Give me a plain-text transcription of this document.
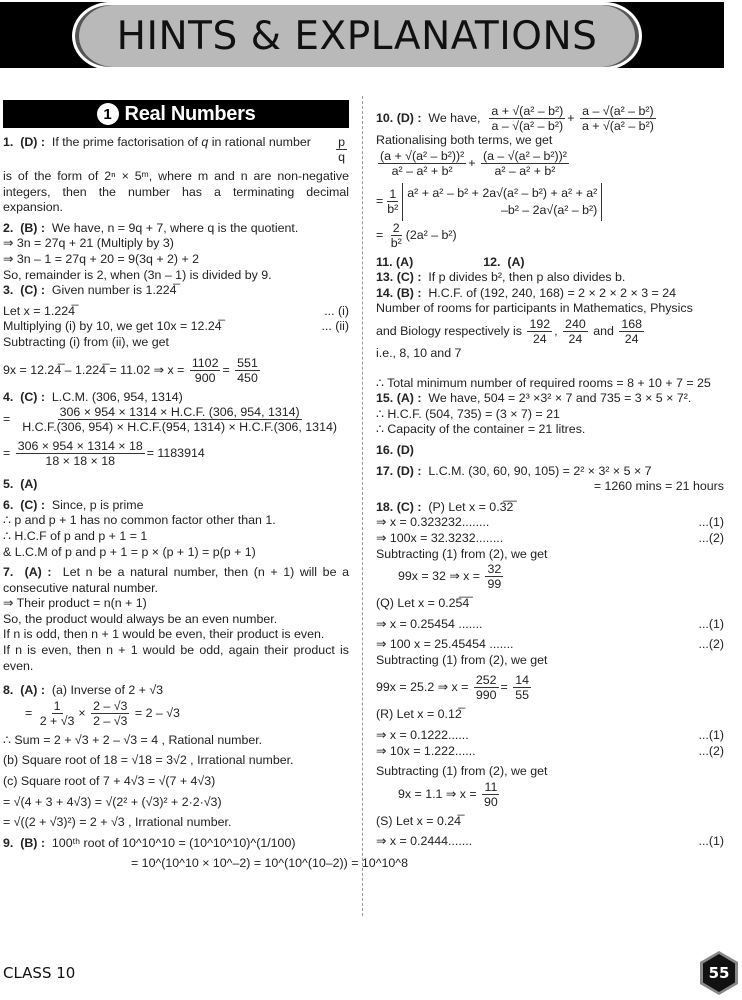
HINTS & EXPLANATIONS
1 Real Numbers
1. (D) :  If the prime factorisation of q in rational number $\frac{p}{q}$
is of the form of 2ⁿ × 5ᵐ, where m and n are non-negative integers, then the number has a terminating decimal expansion.
2. (B) : We have, n = 9q + 7, where q is the quotient.
⇒ 3n = 27q + 21 (Multiply by 3)
⇒ 3n – 1 = 27q + 20 = 9(3q + 2) + 2
So, remainder is 2, when (3n – 1) is divided by 9.
3. (C) : Given number is 1.224̅
Let x = 1.224̅	... (i)
Multiplying (i) by 10, we get 10x = 12.24̅	... (ii)
Subtracting (i) from (ii), we get
9x = 12.24̅ – 1.224̅ = 11.02 ⇒ $x = \frac{1102}{900} = \frac{551}{450}$
4. (C) : L.C.M. (306, 954, 1314)
= $\frac{306 \times 954 \times 1314 \times H.C.F. (306, 954, 1314)}{H.C.F.(306, 954) \times H.C.F.(954, 1314) \times H.C.F.(306, 1314)}$
= $\frac{306 \times 954 \times 1314 \times 18}{18 \times 18 \times 18} = 1183914$
5. (A)
6. (C) : Since, p is prime
∴ p and p + 1 has no common factor other than 1.
∴ H.C.F of p and p + 1 = 1
& L.C.M of p and p + 1 = p × (p + 1) = p(p + 1)
7. (A) : Let n be a natural number, then (n + 1) will be a consecutive natural number.
⇒ Their product = n(n + 1)
So, the product would always be an even number.
If n is odd, then n + 1 would be even, their product is even.
If n is even, then n + 1 would be odd, again their product is even.
8. (A) : (a) Inverse of 2 + √3
= $\frac{1}{2 + √3} \times \frac{2 - √3}{2 - √3} = 2 - √3$
∴ Sum = 2 + √3 + 2 – √3 = 4 , Rational number.
(b) Square root of 18 = √18 = 3√2 , Irrational number.
(c) Square root of 7 + 4√3 = √(7 + 4√3)
= √(4 + 3 + 4√3) = √(2² + (√3)² + 2·2·√3)
= √((2 + √3)²) = 2 + √3 , Irrational number.
9. (B) : 100ᵗʰ root of 10^10^10 = (10^10^10)^(1/100)
= 10^(10^10 × 10^–2) = 10^(10^(10–2)) = 10^10^8
10. (D) : We have, $\frac{\text{a + √(a² – b²)}}{\text{a – √(a² – b²)}} + \frac{\text{a – √(a² – b²)}}{\text{a + √(a² – b²)}}$
Rationalising both terms, we get
$\frac{\text{(a + √(a² – b²))²}}{\text{a² – a² + b²}} + \frac{\text{(a – √(a² – b²))²}}{\text{a² – a² + b²}}$
= $\frac{1}{\text{b²}} a^2 + a^2 - b^2 + 2a√(a^2 - b^2) + a^2 + a^2$
–b² – 2a√(a² – b²)
= $\frac{2}{\text{b²}} (2a^2 - b^2)$
11. (A)	12. (A)
13. (C) : If p divides b², then p also divides b.
14. (B) : H.C.F. of (192, 240, 168) = 2 × 2 × 2 × 3 = 24
Number of rooms for participants in Mathematics, Physics
and Biology respectively is $\frac{192}{24}$ , $\frac{240}{24}$ and $\frac{168}{24}$
i.e., 8, 10 and 7
∴ Total minimum number of required rooms = 8 + 10 + 7 = 25
15. (A) : We have, 504 = 2³ ×3² × 7 and 735 = 3 × 5 × 7².
∴ H.C.F. (504, 735) = (3 × 7) = 21
∴ Capacity of the container = 21 litres.
16. (D)
17. (D) : L.C.M. (30, 60, 90, 105) = 2² × 3² × 5 × 7
= 1260 mins = 21 hours
18. (C) : (P) Let x = 0.3̅2̅
⇒ x = 0.323232........	...(1)
⇒ 100x = 32.3232........	...(2)
Subtracting (1) from (2), we get
99x = 32 ⇒ $x = \frac{32}{99}$
(Q) Let x = 0.25̅4̅
⇒ x = 0.25454 .......	...(1)
⇒ 100 x = 25.45454 .......	...(2)
Subtracting (1) from (2), we get
99x = 25.2 ⇒ $x = \frac{252}{990} = \frac{14}{55}$
(R) Let x = 0.12̅
⇒ x = 0.1222......	...(1)
⇒ 10x = 1.222......	...(2)
Subtracting (1) from (2), we get
9x = 1.1 ⇒ $x = \frac{11}{90}$
(S) Let x = 0.24̅
⇒ x = 0.2444.......	...(1)
CLASS 10	55
